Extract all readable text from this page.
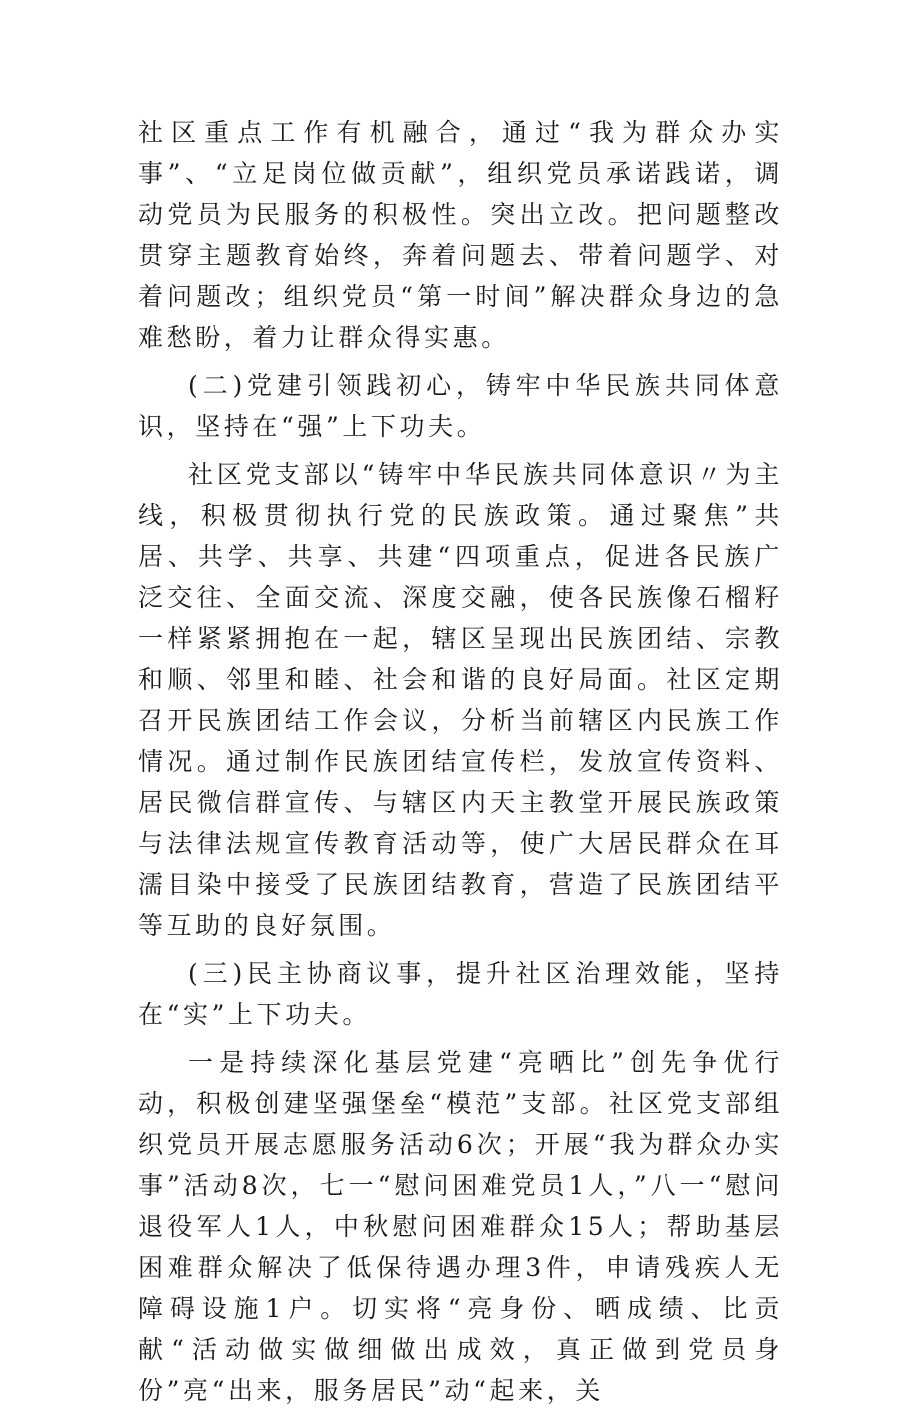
社区重点工作有机融合，通过“我为群众办实事”、“立足岗位做贡献”，组织党员承诺践诺，调动党员为民服务的积极性。突出立改。把问题整改贯穿主题教育始终，奔着问题去、带着问题学、对着问题改；组织党员“第一时间”解决群众身边的急难愁盼，着力让群众得实惠。

(二)党建引领践初心，铸牢中华民族共同体意识，坚持在“强”上下功夫。

社区党支部以“铸牢中华民族共同体意识〃为主线，积极贯彻执行党的民族政策。通过聚焦”共居、共学、共享、共建“四项重点，促进各民族广泛交往、全面交流、深度交融，使各民族像石榴籽一样紧紧拥抱在一起，辖区呈现出民族团结、宗教和顺、邻里和睦、社会和谐的良好局面。社区定期召开民族团结工作会议，分析当前辖区内民族工作情况。通过制作民族团结宣传栏，发放宣传资料、居民微信群宣传、与辖区内天主教堂开展民族政策与法律法规宣传教育活动等，使广大居民群众在耳濡目染中接受了民族团结教育，营造了民族团结平等互助的良好氛围。

(三)民主协商议事，提升社区治理效能，坚持在“实”上下功夫。

一是持续深化基层党建“亮晒比”创先争优行动，积极创建坚强堡垒“模范”支部。社区党支部组织党员开展志愿服务活动6次；开展“我为群众办实事”活动8次，七一“慰问困难党员1人，”八一“慰问退役军人1人，中秋慰问困难群众15人；帮助基层困难群众解决了低保待遇办理3件，申请残疾人无障碍设施1户。切实将“亮身份、晒成绩、比贡献“活动做实做细做出成效，真正做到党员身份”亮“出来，服务居民”动“起来，关
